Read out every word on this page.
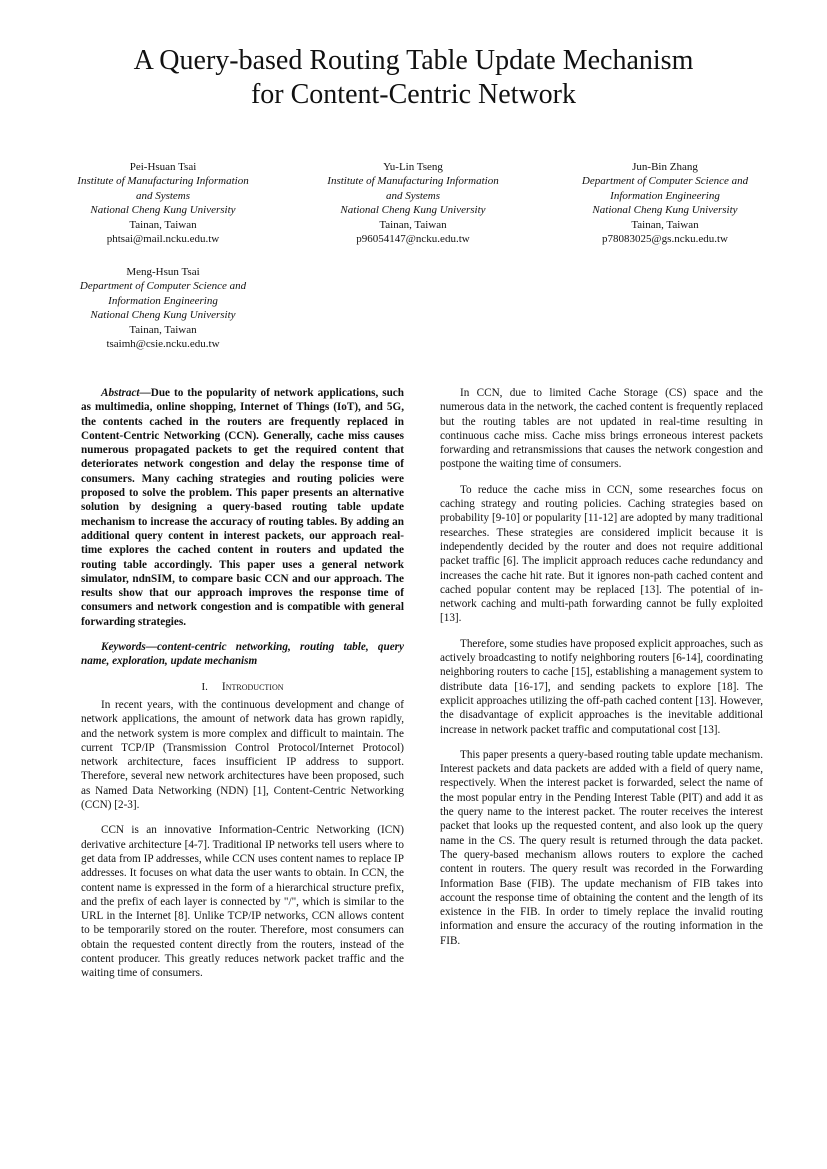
A Query-based Routing Table Update Mechanism
for Content-Centric Network
Pei-Hsuan Tsai
Institute of Manufacturing Information
and Systems
National Cheng Kung University
Tainan, Taiwan
phtsai@mail.ncku.edu.tw
Yu-Lin Tseng
Institute of Manufacturing Information
and Systems
National Cheng Kung University
Tainan, Taiwan
p96054147@ncku.edu.tw
Jun-Bin Zhang
Department of Computer Science and
Information Engineering
National Cheng Kung University
Tainan, Taiwan
p78083025@gs.ncku.edu.tw
Meng-Hsun Tsai
Department of Computer Science and
Information Engineering
National Cheng Kung University
Tainan, Taiwan
tsaimh@csie.ncku.edu.tw

Abstract—Due to the popularity of network applications, such as multimedia, online shopping, Internet of Things (IoT), and 5G, the contents cached in the routers are frequently replaced in Content-Centric Networking (CCN). Generally, cache miss causes numerous propagated packets to get the required content that deteriorates network congestion and delay the response time of consumers. Many caching strategies and routing policies were proposed to solve the problem. This paper presents an alternative solution by designing a query-based routing table update mechanism to increase the accuracy of routing tables. By adding an additional query content in interest packets, our approach real-time explores the cached content in routers and updated the routing table accordingly. This paper uses a general network simulator, ndnSIM, to compare basic CCN and our approach. The results show that our approach improves the response time of consumers and network congestion and is compatible with general forwarding strategies.

Keywords—content-centric networking, routing table, query name, exploration, update mechanism

I. Introduction

In recent years, with the continuous development and change of network applications, the amount of network data has grown rapidly, and the network system is more complex and difficult to maintain. The current TCP/IP (Transmission Control Protocol/Internet Protocol) network architecture, faces insufficient IP address to support. Therefore, several new network architectures have been proposed, such as Named Data Networking (NDN) [1], Content-Centric Networking (CCN) [2-3].

CCN is an innovative Information-Centric Networking (ICN) derivative architecture [4-7]. Traditional IP networks tell users where to get data from IP addresses, while CCN uses content names to replace IP addresses. It focuses on what data the user wants to obtain. In CCN, the content name is expressed in the form of a hierarchical structure prefix, and the prefix of each layer is connected by "/", which is similar to the URL in the Internet [8]. Unlike TCP/IP networks, CCN allows content to be temporarily stored on the router. Therefore, most consumers can obtain the requested content directly from the routers, instead of the content producer. This greatly reduces network packet traffic and the waiting time of consumers.

In CCN, due to limited Cache Storage (CS) space and the numerous data in the network, the cached content is frequently replaced but the routing tables are not updated in real-time resulting in continuous cache miss. Cache miss brings erroneous interest packets forwarding and retransmissions that causes the network congestion and postpone the waiting time of consumers.

To reduce the cache miss in CCN, some researches focus on caching strategy and routing policies. Caching strategies based on probability [9-10] or popularity [11-12] are adopted by many traditional researches. These strategies are considered implicit because it is independently decided by the router and does not require additional packet traffic [6]. The implicit approach reduces cache redundancy and increases the cache hit rate. But it ignores non-path cached content and cached popular content may be replaced [13]. The potential of in-network caching and multi-path forwarding cannot be fully exploited [13].

Therefore, some studies have proposed explicit approaches, such as actively broadcasting to notify neighboring routers [6-14], coordinating neighboring routers to cache [15], establishing a management system to distribute data [16-17], and sending packets to explore [18]. The explicit approaches utilizing the off-path cached content [13]. However, the disadvantage of explicit approaches is the inevitable additional increase in network packet traffic and computational cost [13].

This paper presents a query-based routing table update mechanism. Interest packets and data packets are added with a field of query name, respectively. When the interest packet is forwarded, select the name of the most popular entry in the Pending Interest Table (PIT) and add it as the query name to the interest packet. The router receives the interest packet that looks up the requested content, and also look up the query name in the CS. The query result is returned through the data packet. The query-based mechanism allows routers to explore the cached content in routers. The query result was recorded in the Forwarding Information Base (FIB). The update mechanism of FIB takes into account the response time of obtaining the content and the length of its existence in the FIB. In order to timely replace the invalid routing information and ensure the accuracy of the routing information in the FIB.
